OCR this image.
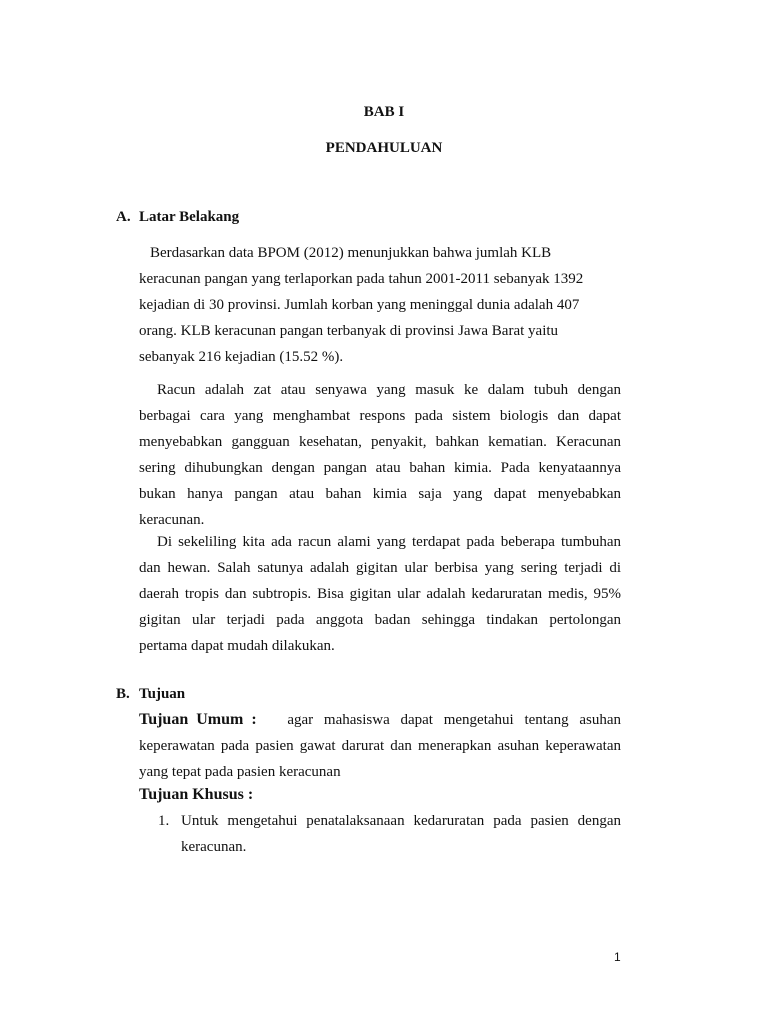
BAB I

PENDAHULUAN

A. Latar Belakang

Berdasarkan data BPOM (2012) menunjukkan bahwa jumlah KLB

keracunan pangan yang terlaporkan pada tahun 2001-2011 sebanyak 1392

kejadian di 30 provinsi. Jumlah korban yang meninggal dunia adalah 407

orang. KLB keracunan pangan terbanyak di provinsi Jawa Barat yaitu

sebanyak 216 kejadian (15.52 %).

Racun adalah zat atau senyawa yang masuk ke dalam tubuh dengan

berbagai cara yang menghambat respons pada sistem biologis dan dapat

menyebabkan gangguan kesehatan, penyakit, bahkan kematian. Keracunan

sering dihubungkan dengan pangan atau bahan kimia. Pada kenyataannya

bukan hanya pangan atau bahan kimia saja yang dapat menyebabkan

keracunan.

Di sekeliling kita ada racun alami yang terdapat pada beberapa tumbuhan

dan hewan. Salah satunya adalah gigitan ular berbisa yang sering terjadi di

daerah tropis dan subtropis. Bisa gigitan ular adalah kedaruratan medis, 95%

gigitan ular terjadi pada anggota badan sehingga tindakan pertolongan

pertama dapat mudah dilakukan.

B. Tujuan

Tujuan Umum : agar mahasiswa dapat mengetahui tentang asuhan

keperawatan pada pasien gawat darurat dan menerapkan asuhan keperawatan

yang tepat pada pasien keracunan

Tujuan Khusus :

1. Untuk mengetahui penatalaksanaan kedaruratan pada pasien dengan

keracunan.

1
